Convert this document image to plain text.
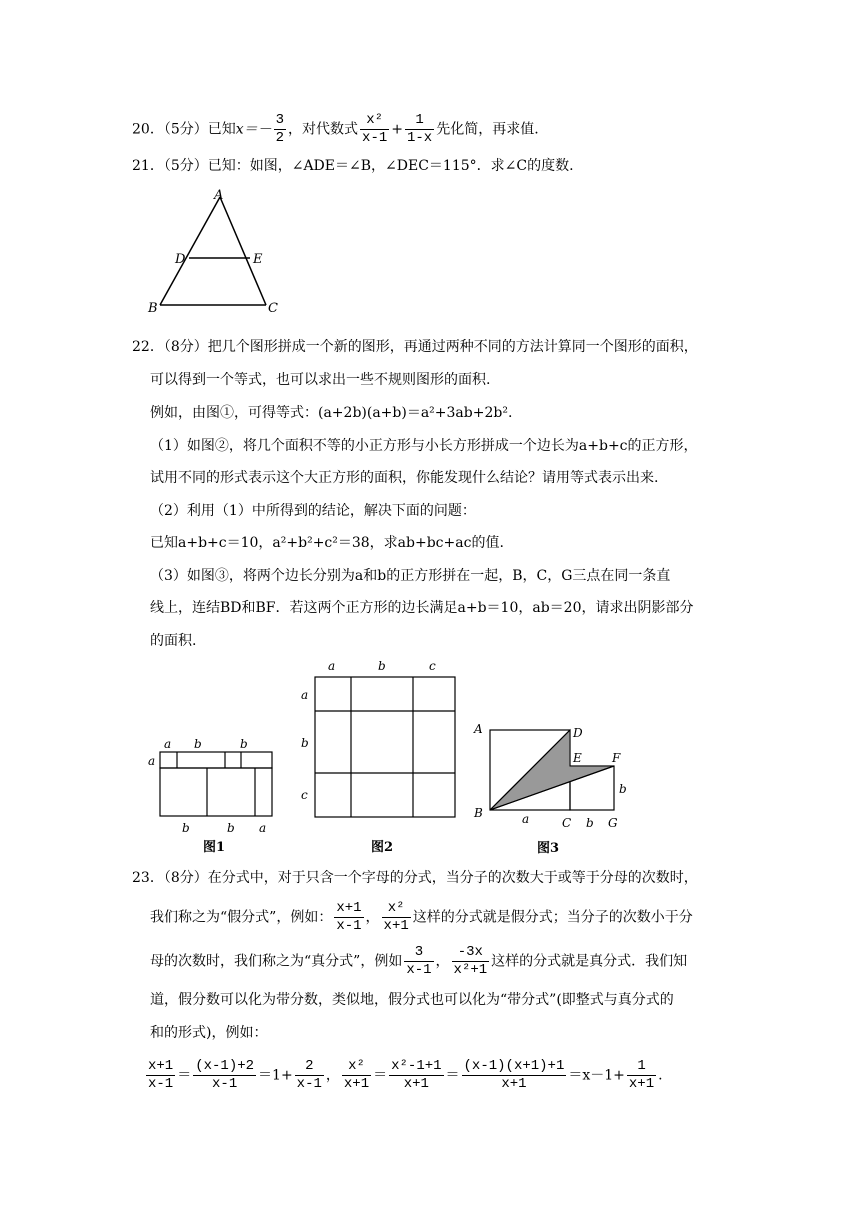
20．（5分）已知$x=- \frac{3}{2}$ ，对代数式 $\frac{\text{x²}}{x-1} + \frac{1}{1-x}$ 先化简，再求值.
21．（5分）已知：如图，∠ADE＝∠B，∠DEC＝115°．求∠C的度数.
A
D	E
B	C
22．（8分）把几个图形拼成一个新的图形，再通过两种不同的方法计算同一个图形的面积，
可以得到一个等式，也可以求出一些不规则图形的面积.
例如，由图①，可得等式：(a+2b)(a+b)＝a²+3ab+2b².
（1）如图②，将几个面积不等的小正方形与小长方形拼成一个边长为a+b+c的正方形，
试用不同的形式表示这个大正方形的面积，你能发现什么结论？请用等式表示出来.
（2）利用（1）中所得到的结论，解决下面的问题：
已知a+b+c＝10，a²+b²+c²＝38，求ab+bc+ac的值.
（3）如图③，将两个边长分别为a和b的正方形拼在一起，B，C，G三点在同一条直
线上，连结BD和BF．若这两个正方形的边长满足a+b＝10，ab＝20，请求出阴影部分
的面积.
a b	b
a
b	b a
图1
a	b	c
a
b
c
图2
A	D
E	F
B
C	G
a	b
b
图3
23．（8分）在分式中，对于只含一个字母的分式，当分子的次数大于或等于分母的次数时，
我们称之为“假分式”，例如： $\frac{x+1}{x-1}$ ， $\frac{\text{x²}}{x+1}$ 这样的分式就是假分式；当分子的次数小于分
母的次数时，我们称之为“真分式”，例如 $\frac{3}{x-1}$ ， $\frac{-3x}{\text{x²+1}}$ 这样的分式就是真分式．我们知
道，假分数可以化为带分数，类似地，假分式也可以化为“带分式”(即整式与真分式的
和的形式)，例如：
$\frac{x+1}{x-1} = \frac{(x-1)+2}{x-1} =1+ \frac{2}{x-1}$ ， $\frac{\text{x²}}{x+1} = \frac{\text{x²-1+1}}{x+1} = \frac{(x-1)(x+1)+1}{x+1} =x-1+ \frac{1}{x+1}$ .
